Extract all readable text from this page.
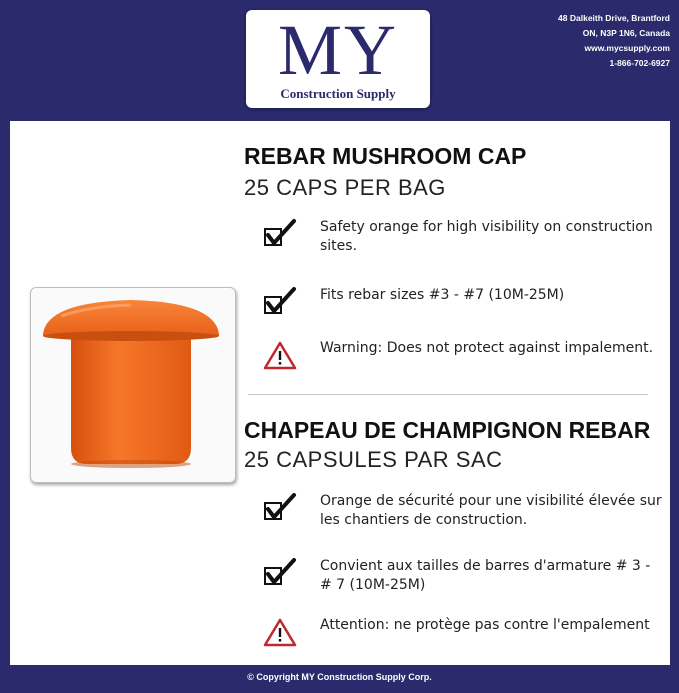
MY
Construction Supply
48 Dalkeith Drive, Brantford
ON, N3P 1N6, Canada
www.mycsupply.com
1-866-702-6927
REBAR MUSHROOM CAP
25 CAPS PER BAG
Safety orange for high visibility on construction sites.
Fits rebar sizes #3 - #7 (10M-25M)
Warning: Does not protect against impalement.
CHAPEAU DE CHAMPIGNON REBAR
25 CAPSULES PAR SAC
Orange de sécurité pour une visibilité élevée sur les chantiers de construction.
Convient aux tailles de barres d'armature # 3 - # 7 (10M-25M)
Attention: ne protège pas contre l'empalement
© Copyright MY Construction Supply Corp.
